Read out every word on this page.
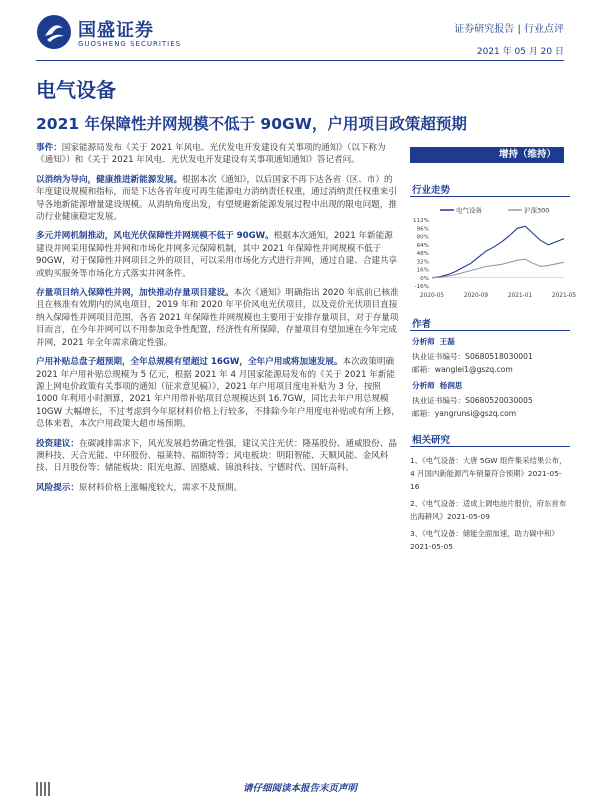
国盛证券
GUOSHENG SECURITIES
证券研究报告 | 行业点评
2021 年 05 月 20 日
电气设备
2021 年保障性并网规模不低于 90GW，户用项目政策超预期

事件：国家能源局发布《关于 2021 年风电、光伏发电开发建设有关事项的通知》（以下称为《通知》）和《关于 2021 年风电、光伏发电开发建设有关事项通知通知》答记者问。

以消纳为导向，健康推进新能源发展。根据本次《通知》，以后国家不再下达各省（区、市）的年度建设规模和指标，而是下达各省年度可再生能源电力消纳责任权重，通过消纳责任权重来引导各地新能源增量建设规模。从消纳角度出发，有望规避新能源发展过程中出现的限电问题，推动行业健康稳定发展。

多元并网机制推动，风电光伏保障性并网规模不低于 90GW。根据本次通知，2021 年新能源建设并网采用保障性并网和市场化并网多元保障机制，其中 2021 年保障性并网规模不低于 90GW，对于保障性并网项目之外的项目，可以采用市场化方式进行并网，通过自建、合建共享或购买服务等市场化方式落实并网条件。

存量项目纳入保障性并网，加快推动存量项目建设。本次《通知》明确指出 2020 年底前已核准且在核准有效期内的风电项目，2019 年和 2020 年平价风电光伏项目，以及竞价光伏项目直接纳入保障性并网项目范围，各省 2021 年保障性并网规模也主要用于安排存量项目，对于存量项目而言，在今年并网可以不用参加竞争性配置，经济性有所保障，存量项目有望加速在今年完成并网，2021 年全年需求确定性强。

户用补贴总盘子超预期，全年总规模有望超过 16GW，全年户用或将加速发展。本次政策明确 2021 年户用补贴总规模为 5 亿元，根据 2021 年 4 月国家能源局发布的《关于 2021 年新能源上网电价政策有关事项的通知（征求意见稿）》，2021 年户用项目度电补贴为 3 分，按照 1000 年利用小时测算，2021 年户用带补贴项目总规模达到 16.7GW，同比去年户用总规模 10GW 大幅增长，不过考虑到今年原材料价格上行较多，不排除今年户用度电补贴或有所上修，总体来看，本次户用政策大超市场预期。

投资建议：在碳减排需求下，风光发展趋势确定性强，建议关注光伏：隆基股份、通威股份、晶澳科技、天合光能、中环股份、福莱特、福斯特等；风电板块：明阳智能、天顺风能、金风科技、日月股份等；储能板块：阳光电源、固德威、锦浪科技、宁德时代、国轩高科。

风险提示：原材料价格上涨幅度较大，需求不及预期。

增持（维持）
行业走势
-16%
0%
16%
32%
48%
64%
80%
96%
112%
2020-05	2020-09	2021-01	2021-05
电气设备	沪深300
作者
分析师 王磊
执业证书编号：S0680518030001
邮箱：wanglei1@gszq.com
分析师 杨润思
执业证书编号：S0680520030005
邮箱：yangrunsi@gszq.com
相关研究
1、《电气设备：大唐 5GW 组件集采结果公布，4 月国内新能源汽车销量符合预期》2021-05-16
2、《电气设备：适成上调电池片报价，府东首布出海耕风》2021-05-09
3、《电气设备：储能全面加速，助力碳中和》2021-05-05
请仔细阅读本报告末页声明
